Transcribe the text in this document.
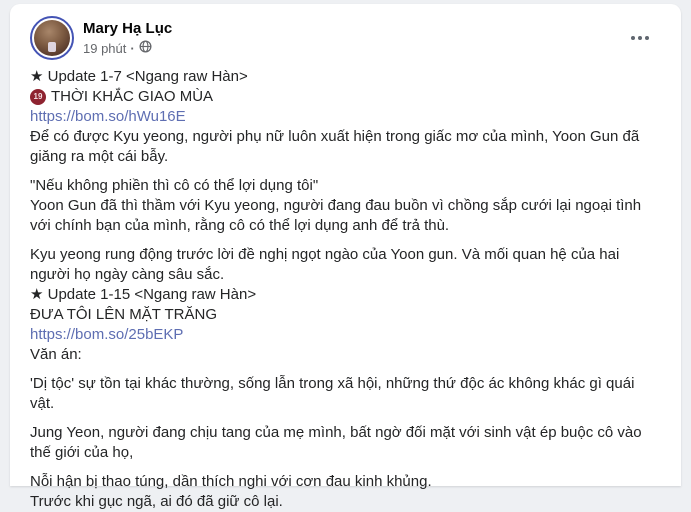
Mary Hạ Lục
19 phút ·
★ Update 1-7 <Ngang raw Hàn>
19 THỜI KHẮC GIAO MÙA
https://bom.so/hWu16E
Để có được Kyu yeong, người phụ nữ luôn xuất hiện trong giấc mơ của mình, Yoon Gun đã giăng ra một cái bẫy.
"Nếu không phiền thì cô có thể lợi dụng tôi"
Yoon Gun đã thì thầm với Kyu yeong, người đang đau buồn vì chồng sắp cưới lại ngoại tình với chính bạn của mình, rằng cô có thể lợi dụng anh để trả thù.
Kyu yeong rung động trước lời đề nghị ngọt ngào của Yoon gun. Và mối quan hệ của hai người họ ngày càng sâu sắc.
★ Update 1-15 <Ngang raw Hàn>
ĐƯA TÔI LÊN MẶT TRĂNG
https://bom.so/25bEKP
Văn án:
'Dị tộc' sự tồn tại khác thường, sống lẫn trong xã hội, những thứ độc ác không khác gì quái vật.
Jung Yeon, người đang chịu tang của mẹ mình, bất ngờ đối mặt với sinh vật ép buộc cô vào thế giới của họ,
Nỗi hận bị thao túng, dần thích nghi với cơn đau kinh khủng.
Trước khi gục ngã, ai đó đã giữ cô lại.
